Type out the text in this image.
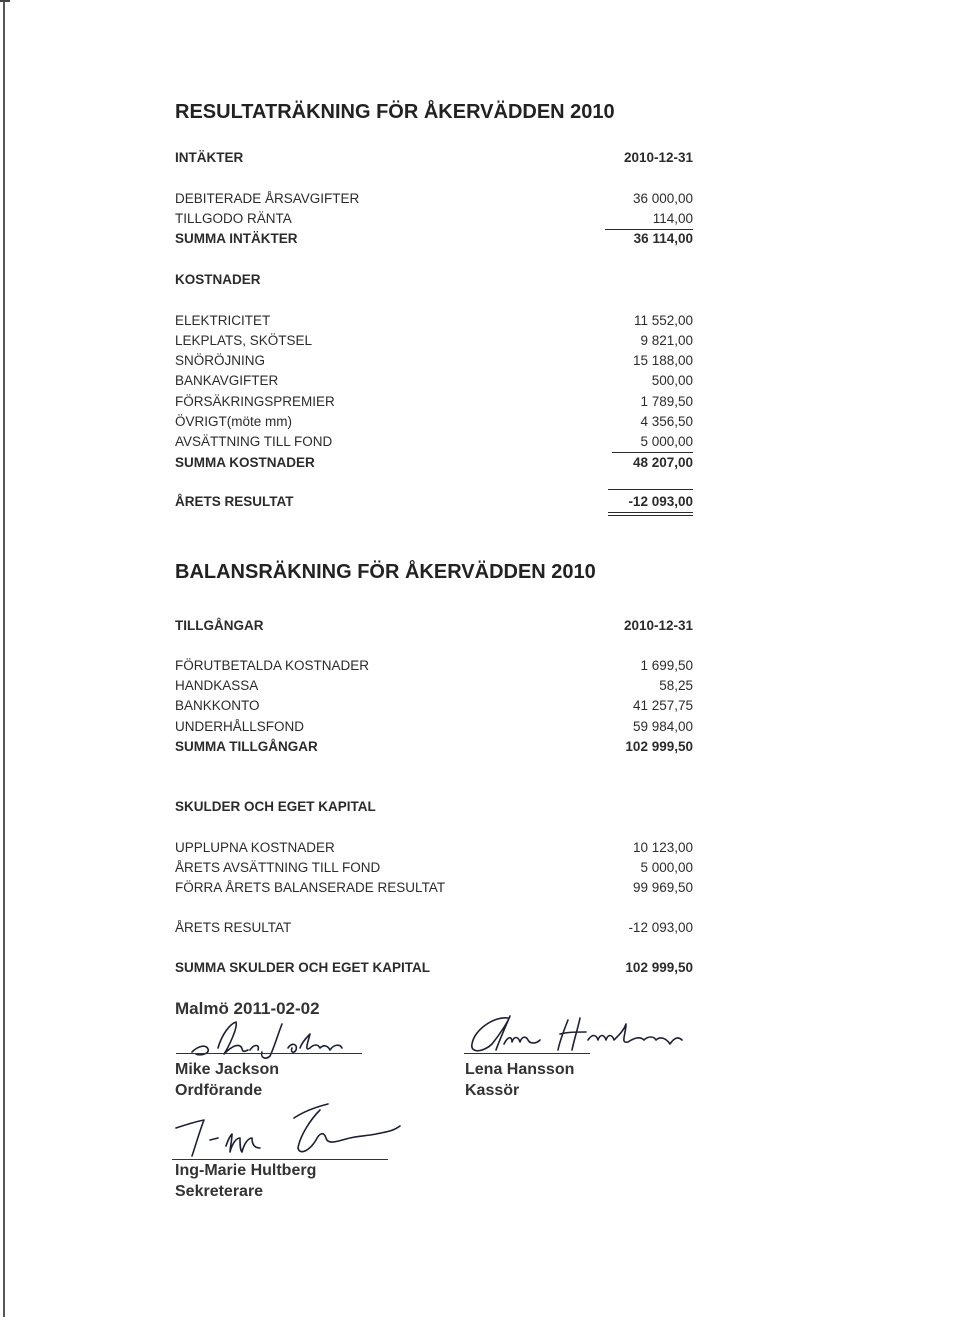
RESULTATRÄKNING FÖR ÅKERVÄDDEN 2010
INTÄKTER	2010-12-31
DEBITERADE ÅRSAVGIFTER	36 000,00
TILLGODO RÄNTA	114,00
SUMMA INTÄKTER	36 114,00
KOSTNADER
ELEKTRICITET	11 552,00
LEKPLATS, SKÖTSEL	9 821,00
SNÖRÖJNING	15 188,00
BANKAVGIFTER	500,00
FÖRSÄKRINGSPREMIER	1 789,50
ÖVRIGT(möte mm)	4 356,50
AVSÄTTNING TILL FOND	5 000,00
SUMMA KOSTNADER	48 207,00
ÅRETS RESULTAT	-12 093,00
BALANSRÄKNING FÖR ÅKERVÄDDEN 2010
TILLGÅNGAR	2010-12-31
FÖRUTBETALDA KOSTNADER	1 699,50
HANDKASSA	58,25
BANKKONTO	41 257,75
UNDERHÅLLSFOND	59 984,00
SUMMA TILLGÅNGAR	102 999,50
SKULDER OCH EGET KAPITAL
UPPLUPNA KOSTNADER	10 123,00
ÅRETS AVSÄTTNING TILL FOND	5 000,00
FÖRRA ÅRETS BALANSERADE RESULTAT	99 969,50
ÅRETS RESULTAT	-12 093,00
SUMMA SKULDER OCH EGET KAPITAL	102 999,50
Malmö 2011-02-02
Mike Jackson
Ordförande
Lena Hansson
Kassör
Ing-Marie Hultberg
Sekreterare
